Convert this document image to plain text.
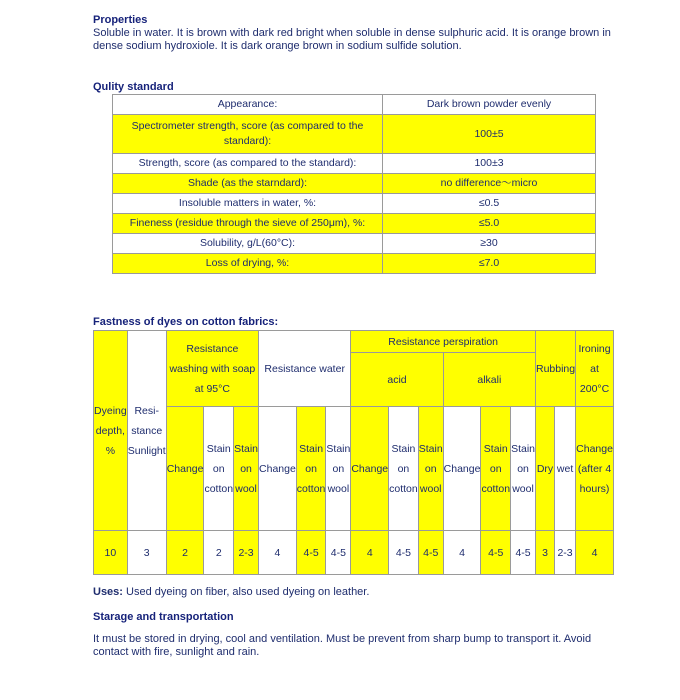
Properties
Soluble in water. It is brown with dark red bright when soluble in dense sulphuric acid. It is orange brown in dense sodium hydroxiole. It is dark orange brown in sodium sulfide solution.
Qulity standard
Appearance:	Dark brown powder evenly
Spectrometer strength, score (as compared to the standard):	100±5
Strength, score (as compared to the standard):	100±3
Shade (as the starndard):	no difference～micro
Insoluble matters in water, %:	≤0.5
Fineness (residue through the sieve of 250μm), %:	≤5.0
Solubility, g/L(60°C):	≥30
Loss of drying, %:	≤7.0
Fastness of dyes on cotton fabrics:
Dyeing depth, %	Resi-stance Sunlight	Resistance washing with soap at 95°C			Resistance water			Resistance perspiration						Rubbing		Ironing at 200°C
								acid			alkali					
		Change	Stain on cotton	Stain on wool	Change	Stain on cotton	Stain on wool	Change	Stain on cotton	Stain on wool	Change	Stain on cotton	Stain on wool	Dry	wet	Change (after 4 hours)
10	3	2	2	2-3	4	4-5	4-5	4	4-5	4-5	4	4-5	4-5	3	2-3	4
Uses: Used dyeing on fiber, also used dyeing on leather.
Starage and transportation
It must be stored in drying, cool and ventilation. Must be prevent from sharp bump to transport it. Avoid contact with fire, sunlight and rain.
